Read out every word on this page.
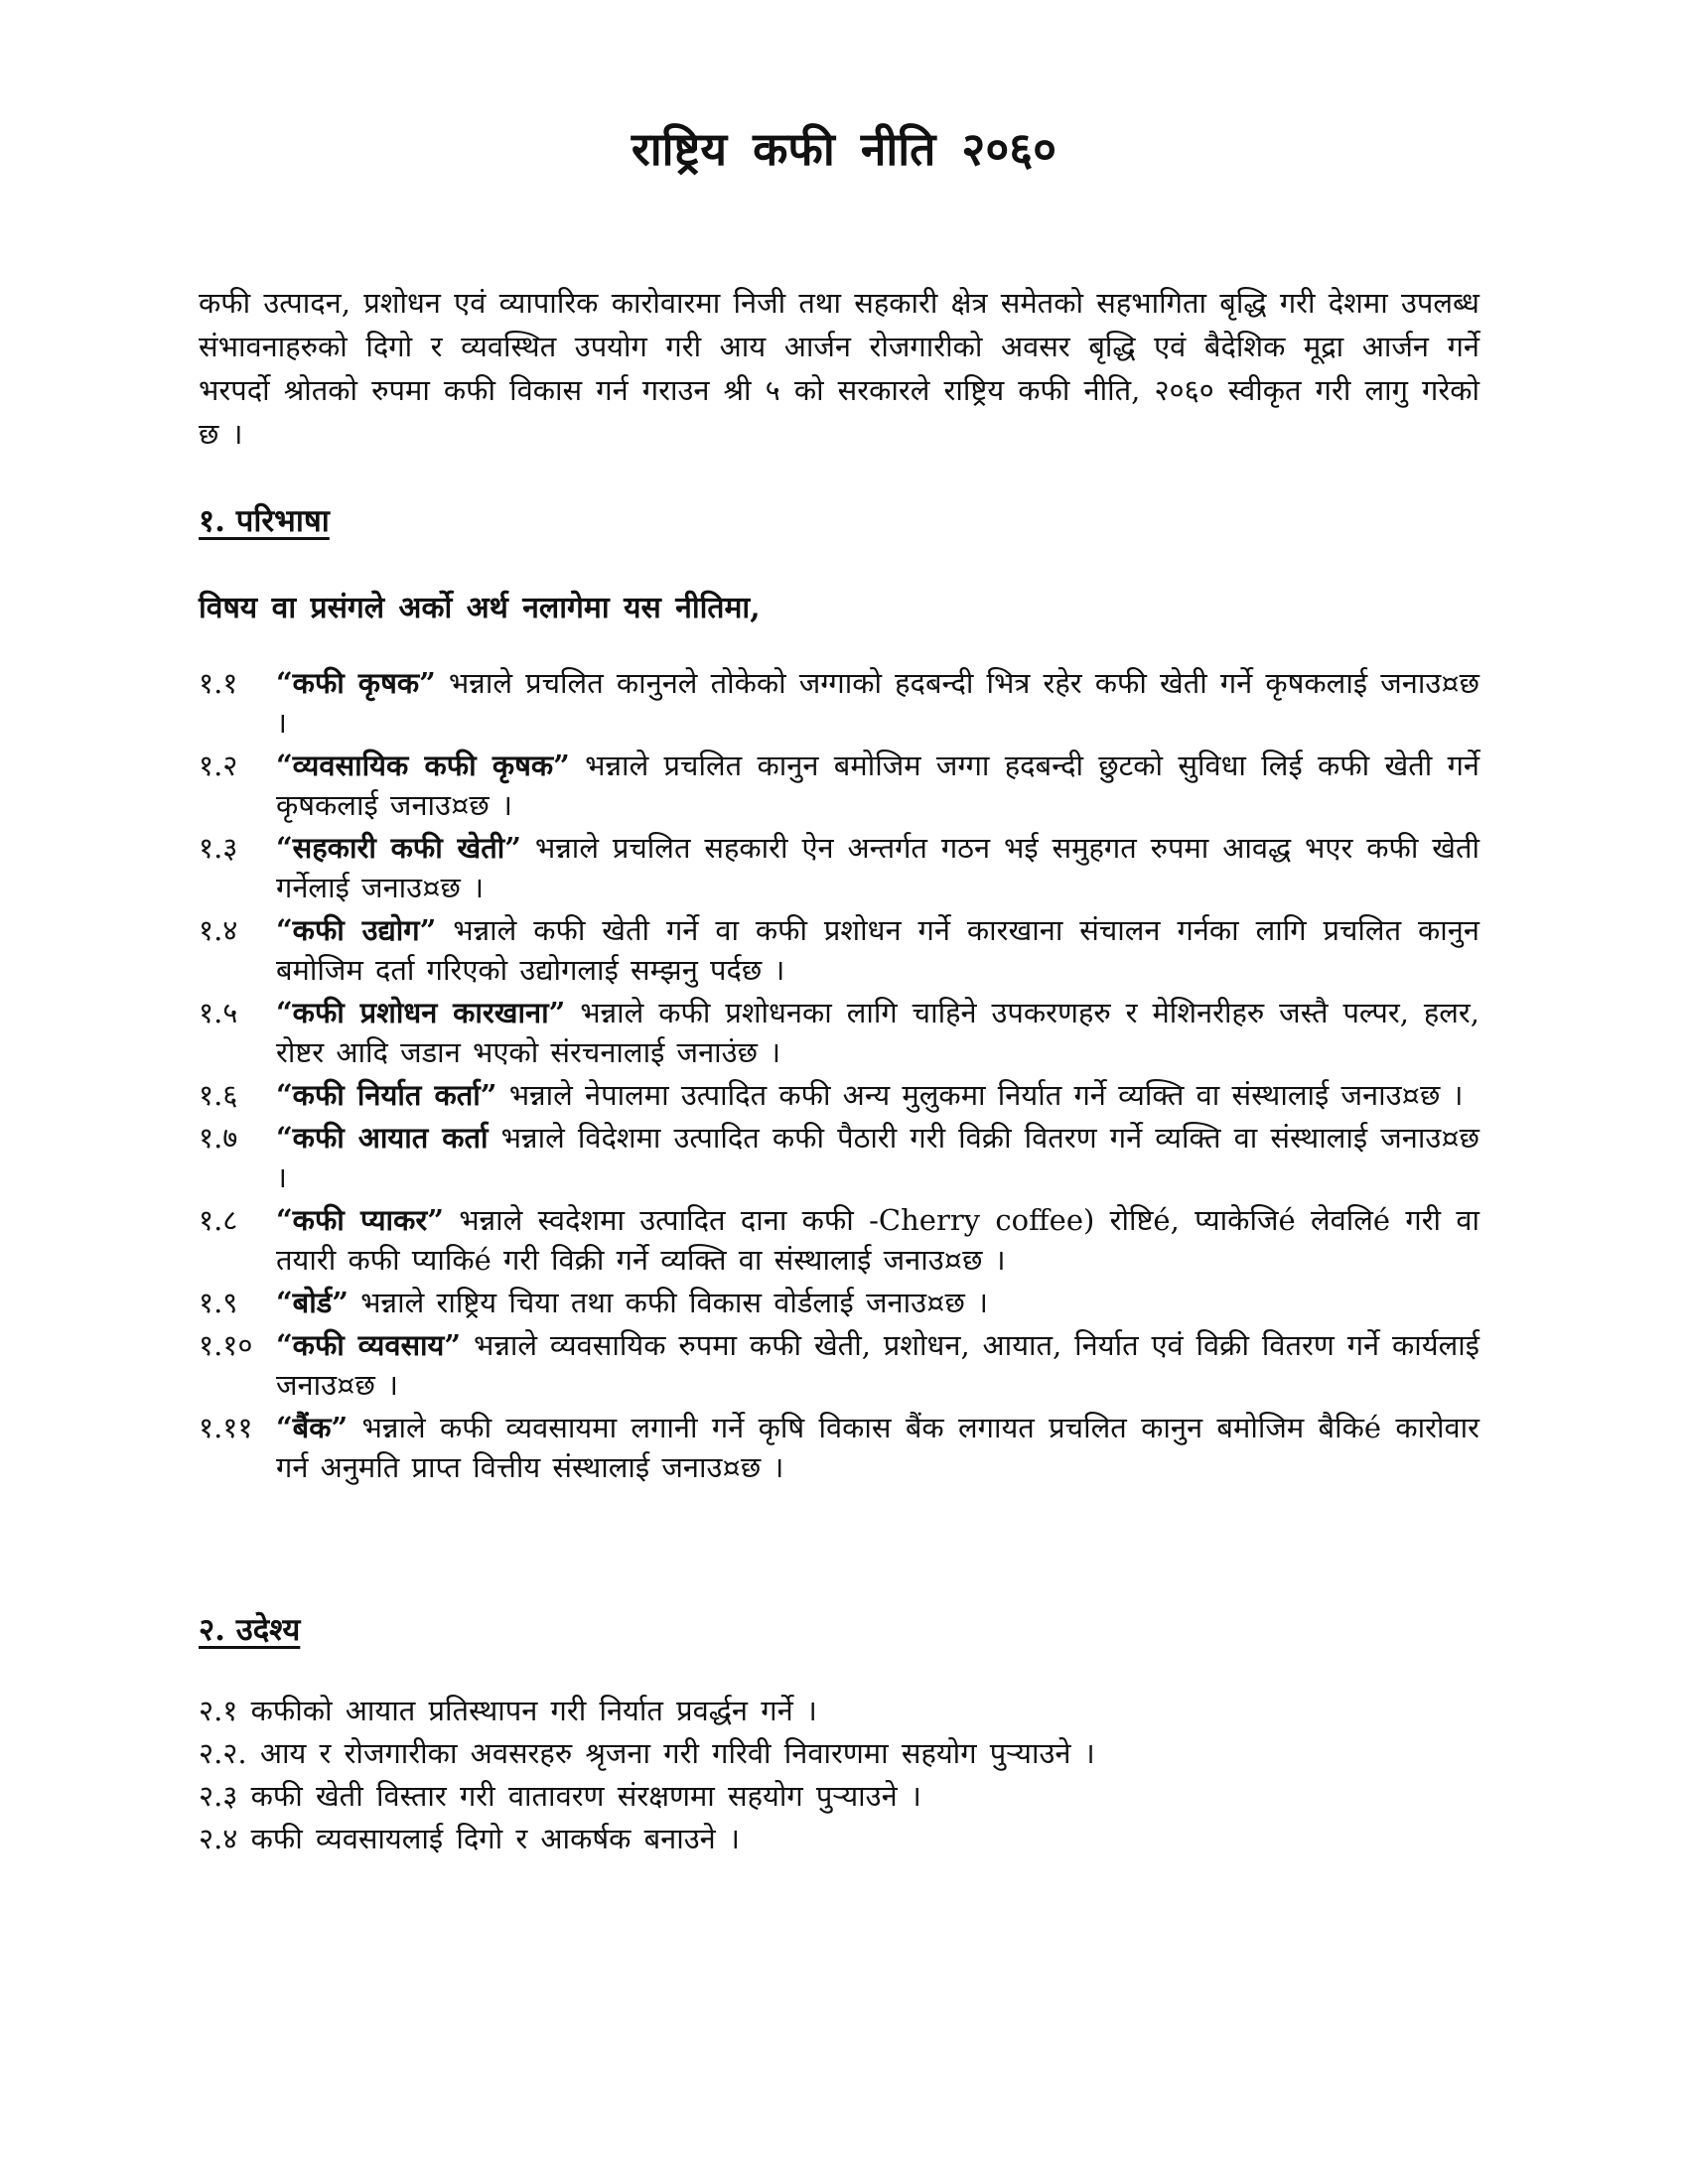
राष्ट्रिय कफी नीति २०६०
कफी उत्पादन, प्रशोधन एवं व्यापारिक कारोवारमा निजी तथा सहकारी क्षेत्र समेतको सहभागिता बृद्धि गरी देशमा उपलब्ध संभावनाहरुको दिगो र व्यवस्थित उपयोग गरी आय आर्जन रोजगारीको अवसर बृद्धि एवं बैदेशिक मूद्रा आर्जन गर्ने भरपर्दो श्रोतको रुपमा कफी विकास गर्न गराउन श्री ५ को सरकारले राष्ट्रिय कफी नीति, २०६० स्वीकृत गरी लागु गरेको छ ।
१. परिभाषा
विषय वा प्रसंगले अर्को अर्थ नलागेमा यस नीतिमा,
१.१	“कफी कृषक” भन्नाले प्रचलित कानुनले तोकेको जग्गाको हदबन्दी भित्र रहेर कफी खेती गर्ने कृषकलाई जनाउ¤छ ।
१.२	“व्यवसायिक कफी कृषक” भन्नाले प्रचलित कानुन बमोजिम जग्गा हदबन्दी छुटको सुविधा लिई कफी खेती गर्ने कृषकलाई जनाउ¤छ ।
१.३	“सहकारी कफी खेती” भन्नाले प्रचलित सहकारी ऐन अन्तर्गत गठन भई समुहगत रुपमा आवद्ध भएर कफी खेती गर्नेलाई जनाउ¤छ ।
१.४	“कफी उद्योग” भन्नाले कफी खेती गर्ने वा कफी प्रशोधन गर्ने कारखाना संचालन गर्नका लागि प्रचलित कानुन बमोजिम दर्ता गरिएको उद्योगलाई सम्झनु पर्दछ ।
१.५	“कफी प्रशोधन कारखाना” भन्नाले कफी प्रशोधनका लागि चाहिने उपकरणहरु र मेशिनरीहरु जस्तै पल्पर, हलर, रोष्टर आदि जडान भएको संरचनालाई जनाउंछ ।
१.६	“कफी निर्यात कर्ता” भन्नाले नेपालमा उत्पादित कफी अन्य मुलुकमा निर्यात गर्ने व्यक्ति वा संस्थालाई जनाउ¤छ ।
१.७	“कफी आयात कर्ता भन्नाले विदेशमा उत्पादित कफी पैठारी गरी विक्री वितरण गर्ने व्यक्ति वा संस्थालाई जनाउ¤छ ।
१.८	“कफी प्याकर” भन्नाले स्वदेशमा उत्पादित दाना कफी -Cherry coffee) रोष्टिé, प्याकेजिé लेवलिé गरी वा तयारी कफी प्याकिé गरी विक्री गर्ने व्यक्ति वा संस्थालाई जनाउ¤छ ।
१.९	“बोर्ड” भन्नाले राष्ट्रिय चिया तथा कफी विकास वोर्डलाई जनाउ¤छ ।
१.१० “कफी व्यवसाय” भन्नाले व्यवसायिक रुपमा कफी खेती, प्रशोधन, आयात, निर्यात एवं विक्री वितरण गर्ने कार्यलाई जनाउ¤छ ।
१.११ “बैंक” भन्नाले कफी व्यवसायमा लगानी गर्ने कृषि विकास बैंक लगायत प्रचलित कानुन बमोजिम बैकिé कारोवार गर्न अनुमति प्राप्त वित्तीय संस्थालाई जनाउ¤छ ।
२. उदेश्य
२.१ कफीको आयात प्रतिस्थापन गरी निर्यात प्रवर्द्धन गर्ने ।
२.२. आय र रोजगारीका अवसरहरु श्रृजना गरी गरिवी निवारणमा सहयोग पुर्‍याउने ।
२.३ कफी खेती विस्तार गरी वातावरण संरक्षणमा सहयोग पुर्‍याउने ।
२.४ कफी व्यवसायलाई दिगो र आकर्षक बनाउने ।
